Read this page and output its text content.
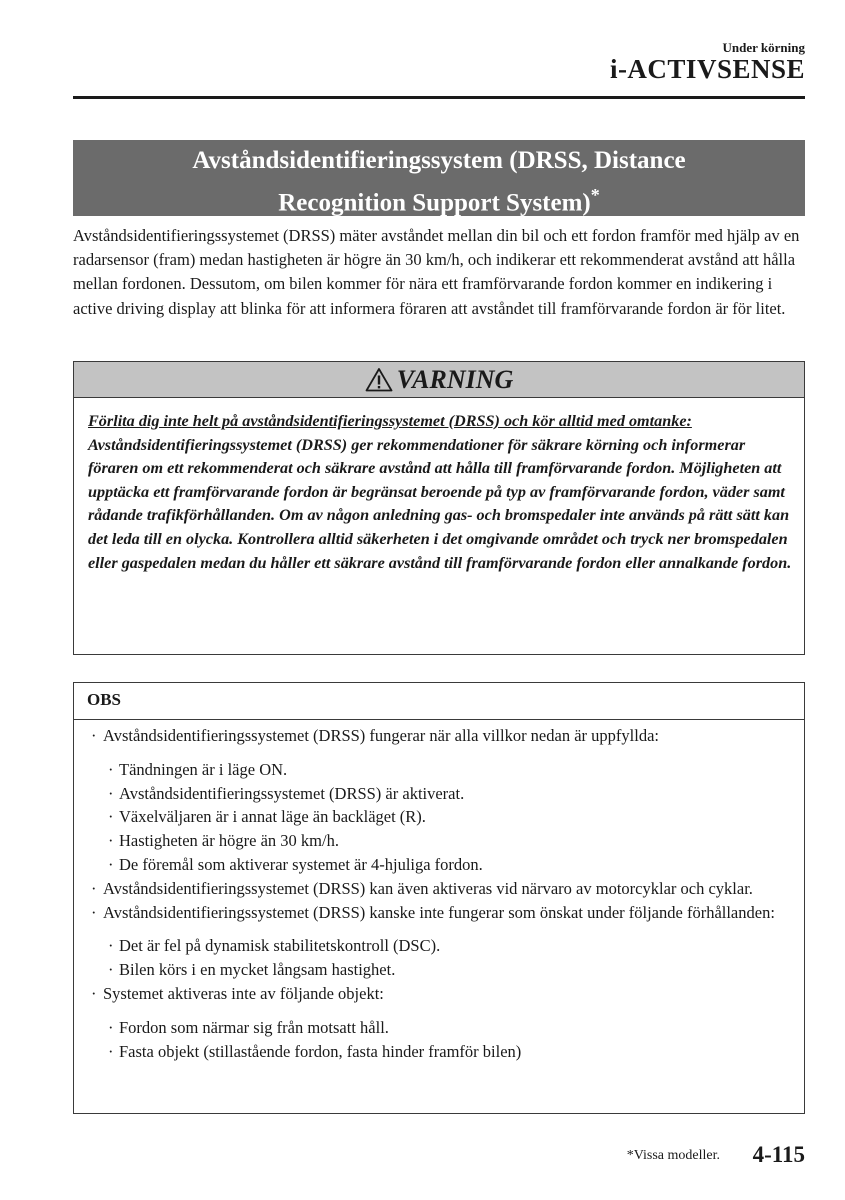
Under körning
i-ACTIVSENSE
Avståndsidentifieringssystem (DRSS, Distance
Recognition Support System)*

Avståndsidentifieringssystemet (DRSS) mäter avståndet mellan din bil och ett fordon framför med hjälp av en radarsensor (fram) medan hastigheten är högre än 30 km/h, och indikerar ett rekommenderat avstånd att hålla mellan fordonen. Dessutom, om bilen kommer för nära ett framförvarande fordon kommer en indikering i active driving display att blinka för att informera föraren att avståndet till framförvarande fordon är för litet.

VARNING
Förlita dig inte helt på avståndsidentifieringssystemet (DRSS) och kör alltid med omtanke:
Avståndsidentifieringssystemet (DRSS) ger rekommendationer för säkrare körning och informerar föraren om ett rekommenderat och säkrare avstånd att hålla till framförvarande fordon. Möjligheten att upptäcka ett framförvarande fordon är begränsat beroende på typ av framförvarande fordon, väder samt rådande trafikförhållanden. Om av någon anledning gas- och bromspedaler inte används på rätt sätt kan det leda till en olycka. Kontrollera alltid säkerheten i det omgivande området och tryck ner bromspedalen eller gaspedalen medan du håller ett säkrare avstånd till framförvarande fordon eller annalkande fordon.
OBS
· Avståndsidentifieringssystemet (DRSS) fungerar när alla villkor nedan är uppfyllda:
· Tändningen är i läge ON.
· Avståndsidentifieringssystemet (DRSS) är aktiverat.
· Växelväljaren är i annat läge än backläget (R).
· Hastigheten är högre än 30 km/h.
· De föremål som aktiverar systemet är 4-hjuliga fordon.
· Avståndsidentifieringssystemet (DRSS) kan även aktiveras vid närvaro av motorcyklar och cyklar.
· Avståndsidentifieringssystemet (DRSS) kanske inte fungerar som önskat under följande förhållanden:
· Det är fel på dynamisk stabilitetskontroll (DSC).
· Bilen körs i en mycket långsam hastighet.
· Systemet aktiveras inte av följande objekt:
· Fordon som närmar sig från motsatt håll.
· Fasta objekt (stillastående fordon, fasta hinder framför bilen)
*Vissa modeller. 4-115
